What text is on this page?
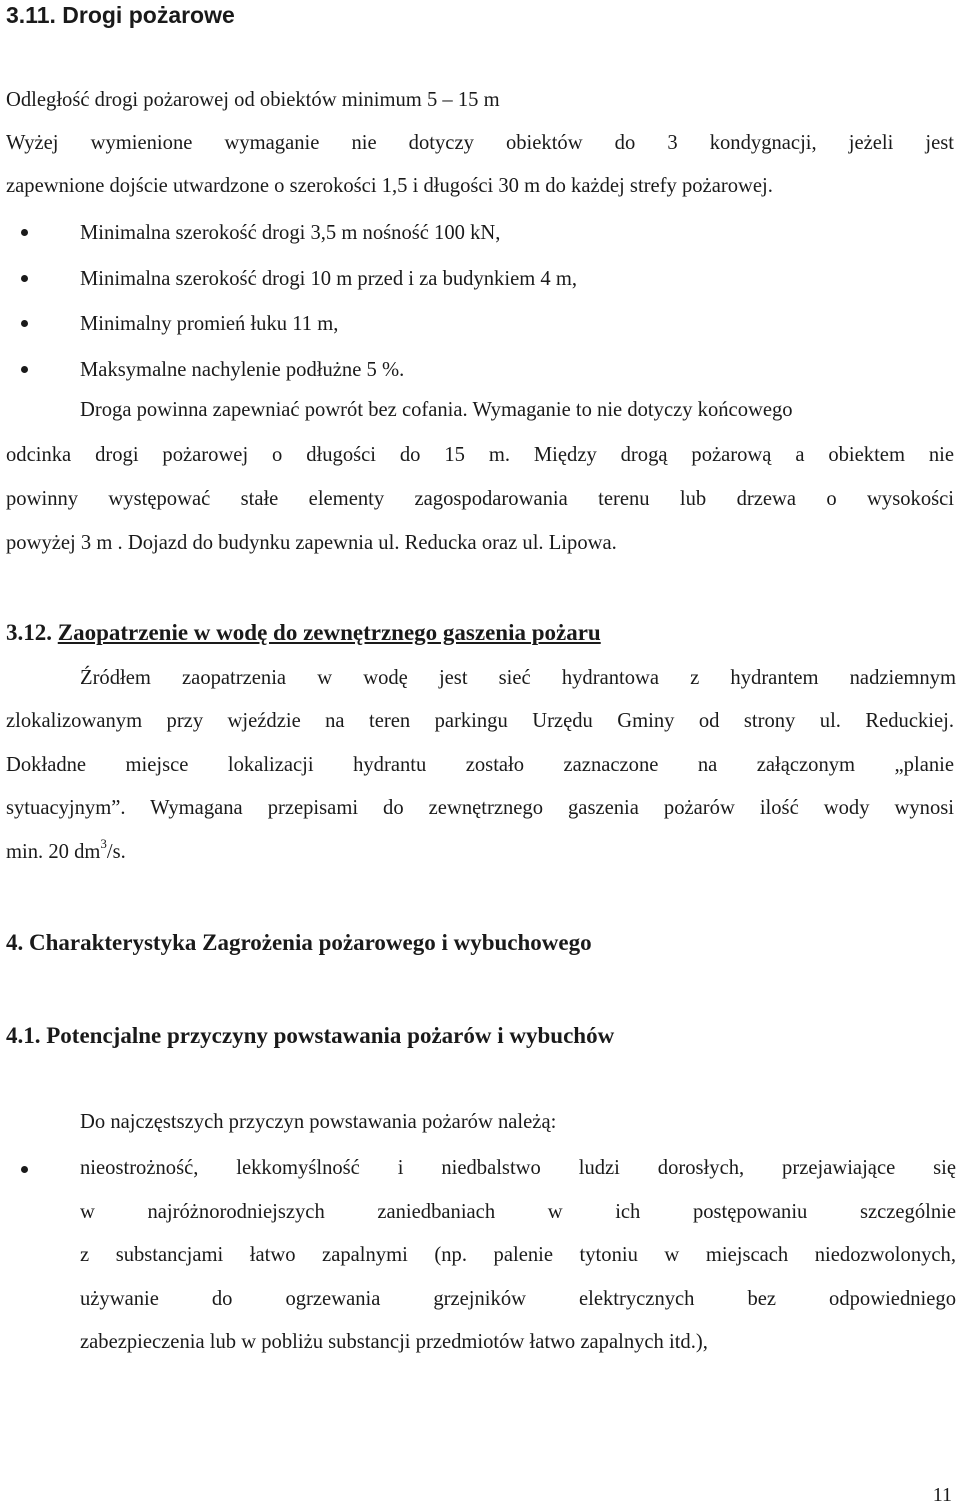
3.11. Drogi pożarowe

Odległość drogi pożarowej od obiektów minimum 5 – 15 m

Wyżej wymienione wymaganie nie dotyczy obiektów do 3 kondygnacji, jeżeli jest

zapewnione dojście utwardzone o szerokości 1,5 i długości 30 m do każdej strefy pożarowej.

Minimalna szerokość drogi 3,5 m nośność 100 kN,
Minimalna szerokość drogi 10 m przed i za budynkiem 4 m,
Minimalny promień łuku 11 m,
Maksymalne nachylenie podłużne 5 %.

Droga powinna zapewniać powrót bez cofania. Wymaganie to nie dotyczy końcowego

odcinka drogi pożarowej o długości do 15 m. Między drogą pożarową a obiektem nie

powinny występować stałe elementy zagospodarowania terenu lub drzewa o wysokości

powyżej 3 m . Dojazd do budynku zapewnia ul. Reducka oraz ul. Lipowa.

3.12. Zaopatrzenie w wodę do zewnętrznego gaszenia pożaru

Źródłem zaopatrzenia w wodę jest sieć hydrantowa z hydrantem nadziemnym

zlokalizowanym przy wjeździe na teren parkingu Urzędu Gminy od strony ul. Reduckiej.

Dokładne miejsce lokalizacji hydrantu zostało zaznaczone na załączonym „planie

sytuacyjnym”. Wymagana przepisami do zewnętrznego gaszenia pożarów ilość wody wynosi

min. 20 $dm^3/s$.

4. Charakterystyka Zagrożenia pożarowego i wybuchowego
4.1. Potencjalne przyczyny powstawania pożarów i wybuchów

Do najczęstszych przyczyn powstawania pożarów należą:

nieostrożność, lekkomyślność i niedbalstwo ludzi dorosłych, przejawiające się
w najróżnorodniejszych zaniedbaniach w ich postępowaniu szczególnie
z substancjami łatwo zapalnymi (np. palenie tytoniu w miejscach niedozwolonych,
używanie do ogrzewania grzejników elektrycznych bez odpowiedniego
zabezpieczenia lub w pobliżu substancji przedmiotów łatwo zapalnych itd.),
11
